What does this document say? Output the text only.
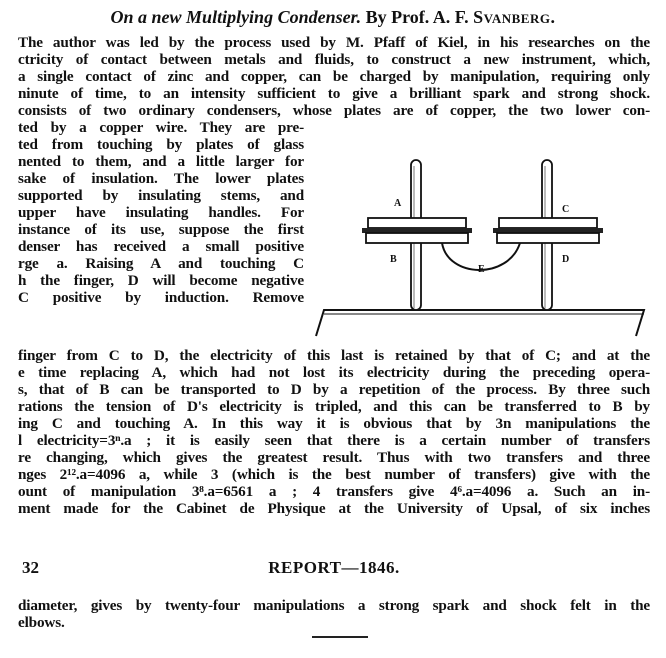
On a new Multiplying Condenser. By Prof. A. F. Svanberg.
The author was led by the process used by M. Pfaff of Kiel, in his researches on the
ctricity of contact between metals and fluids, to construct a new instrument, which,
a single contact of zinc and copper, can be charged by manipulation, requiring only
ninute of time, to an intensity sufficient to give a brilliant spark and strong shock.
consists of two ordinary condensers, whose plates are of copper, the two lower con-
ted by a copper wire. They are pre-
ted from touching by plates of glass
nented to them, and a little larger for
sake of insulation. The lower plates
supported by insulating stems, and
upper have insulating handles. For
instance of its use, suppose the first
denser has received a small positive
rge a. Raising A and touching C
h the finger, D will become negative
C positive by induction. Remove
A
B
C
D
E
finger from C to D, the electricity of this last is retained by that of C; and at the
e time replacing A, which had not lost its electricity during the preceding opera-
s, that of B can be transported to D by a repetition of the process. By three such
rations the tension of D's electricity is tripled, and this can be transferred to B by
ing C and touching A. In this way it is obvious that by 3n manipulations the
l electricity=3ⁿ.a ; it is easily seen that there is a certain number of transfers
re changing, which gives the greatest result. Thus with two transfers and three
nges 2¹².a=4096 a, while 3 (which is the best number of transfers) give with the
ount of manipulation 3⁸.a=6561 a ; 4 transfers give 4⁶.a=4096 a. Such an in-
ment made for the Cabinet de Physique at the University of Upsal, of six inches
32	REPORT—1846.
diameter, gives by twenty-four manipulations a strong spark and shock felt in the
elbows.
